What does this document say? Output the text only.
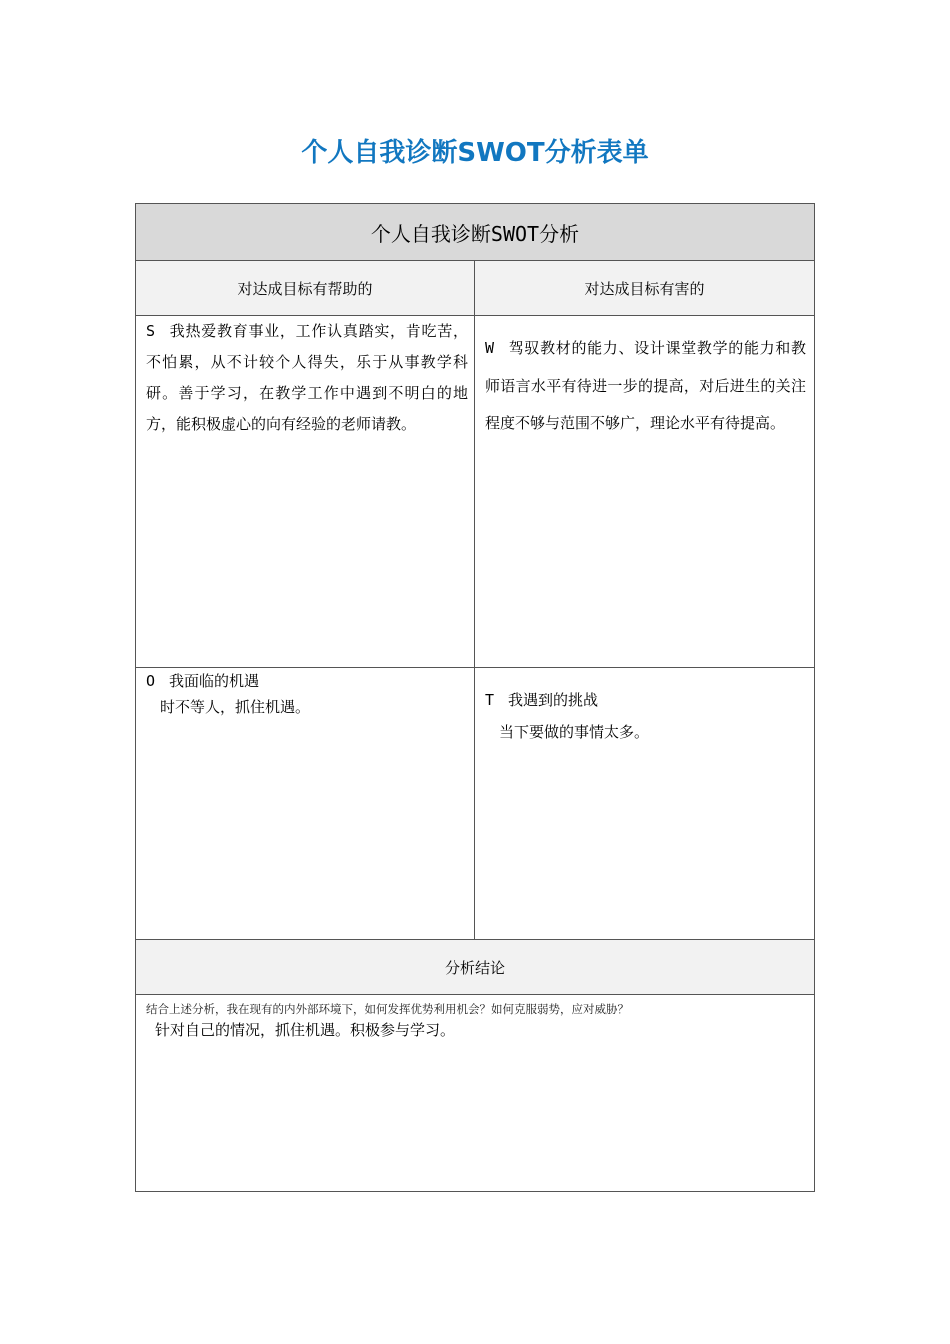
个人自我诊断SWOT分析表单
个人自我诊断SWOT分析
对达成目标有帮助的	对达成目标有害的
S 我热爱教育事业，工作认真踏实，肯吃苦，不怕累，从不计较个人得失，乐于从事教学科研。善于学习，在教学工作中遇到不明白的地方，能积极虚心的向有经验的老师请教。
W 驾驭教材的能力、设计课堂教学的能力和教师语言水平有待进一步的提高，对后进生的关注程度不够与范围不够广，理论水平有待提高。
O 我面临的机遇
时不等人，抓住机遇。	T 我遇到的挑战
当下要做的事情太多。
分析结论
结合上述分析，我在现有的内外部环境下，如何发挥优势利用机会？如何克服弱势，应对威胁？
针对自己的情况，抓住机遇。积极参与学习。
